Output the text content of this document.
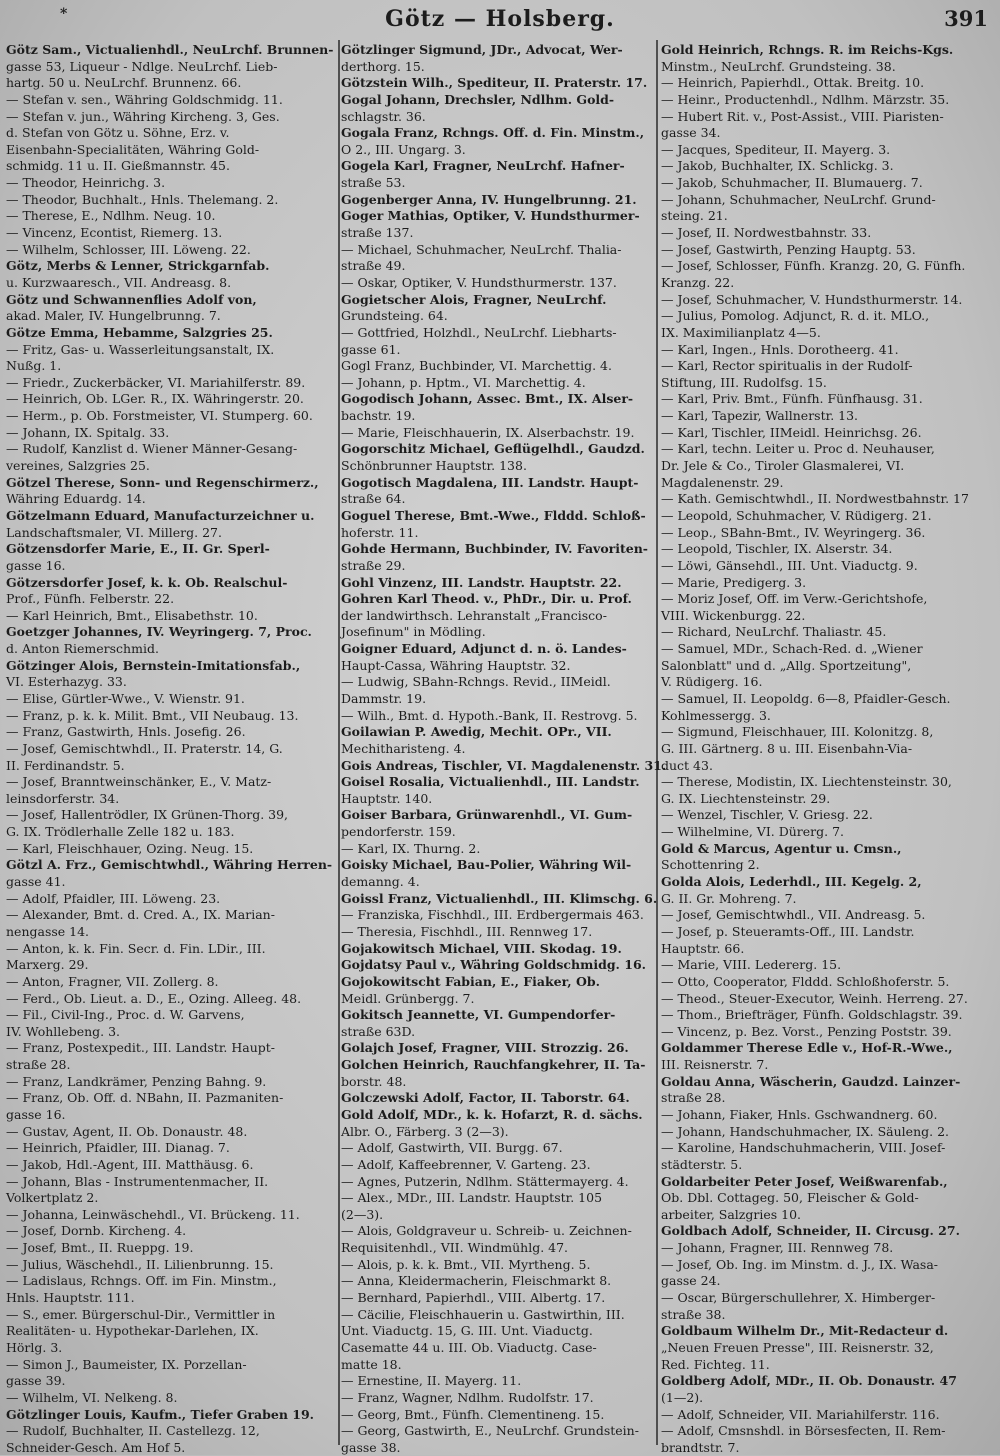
*	Götz — Holsberg.	391
Götz Sam., Victualienhdl., NeuLrchf. Brunnen-
gasse 53, Liqueur - Ndlge. NeuLrchf. Lieb-
hartg. 50 u. NeuLrchf. Brunnenz. 66.
— Stefan v. sen., Währing Goldschmidg. 11.
— Stefan v. jun., Währing Kircheng. 3, Ges.
d. Stefan von Götz u. Söhne, Erz. v.
Eisenbahn-Specialitäten, Währing Gold-
schmidg. 11 u. II. Gießmannstr. 45.
— Theodor, Heinrichg. 3.
— Theodor, Buchhalt., Hnls. Thelemang. 2.
— Therese, E., Ndlhm. Neug. 10.
— Vincenz, Econtist, Riemerg. 13.
— Wilhelm, Schlosser, III. Löweng. 22.
Götz, Merbs & Lenner, Strickgarnfab.
u. Kurzwaaresch., VII. Andreasg. 8.
Götz und Schwannenflies Adolf von,
akad. Maler, IV. Hungelbrunng. 7.
Götze Emma, Hebamme, Salzgries 25.
— Fritz, Gas- u. Wasserleitungsanstalt, IX.
Nußg. 1.
— Friedr., Zuckerbäcker, VI. Mariahilferstr. 89.
— Heinrich, Ob. LGer. R., IX. Währingerstr. 20.
— Herm., p. Ob. Forstmeister, VI. Stumperg. 60.
— Johann, IX. Spitalg. 33.
— Rudolf, Kanzlist d. Wiener Männer-Gesang-
vereines, Salzgries 25.
Götzel Therese, Sonn- und Regenschirmerz.,
Währing Eduardg. 14.
Götzelmann Eduard, Manufacturzeichner u.
Landschaftsmaler, VI. Millerg. 27.
Götzensdorfer Marie, E., II. Gr. Sperl-
gasse 16.
Götzersdorfer Josef, k. k. Ob. Realschul-
Prof., Fünfh. Felberstr. 22.
— Karl Heinrich, Bmt., Elisabethstr. 10.
Goetzger Johannes, IV. Weyringerg. 7, Proc.
d. Anton Riemerschmid.
Götzinger Alois, Bernstein-Imitationsfab.,
VI. Esterhazyg. 33.
— Elise, Gürtler-Wwe., V. Wienstr. 91.
— Franz, p. k. k. Milit. Bmt., VII Neubaug. 13.
— Franz, Gastwirth, Hnls. Josefig. 26.
— Josef, Gemischtwhdl., II. Praterstr. 14, G.
II. Ferdinandstr. 5.
— Josef, Branntweinschänker, E., V. Matz-
leinsdorferstr. 34.
— Josef, Hallentrödler, IX Grünen-Thorg. 39,
G. IX. Trödlerhalle Zelle 182 u. 183.
— Karl, Fleischhauer, Ozing. Neug. 15.
Götzl A. Frz., Gemischtwhdl., Währing Herren-
gasse 41.
— Adolf, Pfaidler, III. Löweng. 23.
— Alexander, Bmt. d. Cred. A., IX. Marian-
nengasse 14.
— Anton, k. k. Fin. Secr. d. Fin. LDir., III.
Marxerg. 29.
— Anton, Fragner, VII. Zollerg. 8.
— Ferd., Ob. Lieut. a. D., E., Ozing. Alleeg. 48.
— Fil., Civil-Ing., Proc. d. W. Garvens,
IV. Wohllebeng. 3.
— Franz, Postexpedit., III. Landstr. Haupt-
straße 28.
— Franz, Landkrämer, Penzing Bahng. 9.
— Franz, Ob. Off. d. NBahn, II. Pazmaniten-
gasse 16.
— Gustav, Agent, II. Ob. Donaustr. 48.
— Heinrich, Pfaidler, III. Dianag. 7.
— Jakob, Hdl.-Agent, III. Matthäusg. 6.
— Johann, Blas - Instrumentenmacher, II.
Volkertplatz 2.
— Johanna, Leinwäschehdl., VI. Brückeng. 11.
— Josef, Dornb. Kircheng. 4.
— Josef, Bmt., II. Rueppg. 19.
— Julius, Wäschehdl., II. Lilienbrunng. 15.
— Ladislaus, Rchngs. Off. im Fin. Minstm.,
Hnls. Hauptstr. 111.
— S., emer. Bürgerschul-Dir., Vermittler in
Realitäten- u. Hypothekar-Darlehen, IX.
Hörlg. 3.
— Simon J., Baumeister, IX. Porzellan-
gasse 39.
— Wilhelm, VI. Nelkeng. 8.
Götzlinger Louis, Kaufm., Tiefer Graben 19.
— Rudolf, Buchhalter, II. Castellezg. 12,
Schneider-Gesch. Am Hof 5.
Götzlinger Sigmund, JDr., Advocat, Wer-
derthorg. 15.
Götzstein Wilh., Spediteur, II. Praterstr. 17.
Gogal Johann, Drechsler, Ndlhm. Gold-
schlagstr. 36.
Gogala Franz, Rchngs. Off. d. Fin. Minstm.,
O 2., III. Ungarg. 3.
Gogela Karl, Fragner, NeuLrchf. Hafner-
straße 53.
Gogenberger Anna, IV. Hungelbrunng. 21.
Goger Mathias, Optiker, V. Hundsthurmer-
straße 137.
— Michael, Schuhmacher, NeuLrchf. Thalia-
straße 49.
— Oskar, Optiker, V. Hundsthurmerstr. 137.
Gogietscher Alois, Fragner, NeuLrchf.
Grundsteing. 64.
— Gottfried, Holzhdl., NeuLrchf. Liebharts-
gasse 61.
Gogl Franz, Buchbinder, VI. Marchettig. 4.
— Johann, p. Hptm., VI. Marchettig. 4.
Gogodisch Johann, Assec. Bmt., IX. Alser-
bachstr. 19.
— Marie, Fleischhauerin, IX. Alserbachstr. 19.
Gogorschitz Michael, Geflügelhdl., Gaudzd.
Schönbrunner Hauptstr. 138.
Gogotisch Magdalena, III. Landstr. Haupt-
straße 64.
Goguel Therese, Bmt.-Wwe., Flddd. Schloß-
hoferstr. 11.
Gohde Hermann, Buchbinder, IV. Favoriten-
straße 29.
Gohl Vinzenz, III. Landstr. Hauptstr. 22.
Gohren Karl Theod. v., PhDr., Dir. u. Prof.
der landwirthsch. Lehranstalt „Francisco-
Josefinum" in Mödling.
Goigner Eduard, Adjunct d. n. ö. Landes-
Haupt-Cassa, Währing Hauptstr. 32.
— Ludwig, SBahn-Rchngs. Revid., IIMeidl.
Dammstr. 19.
— Wilh., Bmt. d. Hypoth.-Bank, II. Restrovg. 5.
Goilawian P. Awedig, Mechit. OPr., VII.
Mechitharisteng. 4.
Gois Andreas, Tischler, VI. Magdalenenstr. 31.
Goisel Rosalia, Victualienhdl., III. Landstr.
Hauptstr. 140.
Goiser Barbara, Grünwarenhdl., VI. Gum-
pendorferstr. 159.
— Karl, IX. Thurng. 2.
Goisky Michael, Bau-Polier, Währing Wil-
demanng. 4.
Goissl Franz, Victualienhdl., III. Klimschg. 6.
— Franziska, Fischhdl., III. Erdbergermais 463.
— Theresia, Fischhdl., III. Rennweg 17.
Gojakowitsch Michael, VIII. Skodag. 19.
Gojdatsy Paul v., Währing Goldschmidg. 16.
Gojokowitscht Fabian, E., Fiaker, Ob.
Meidl. Grünbergg. 7.
Gokitsch Jeannette, VI. Gumpendorfer-
straße 63D.
Golajch Josef, Fragner, VIII. Strozzig. 26.
Golchen Heinrich, Rauchfangkehrer, II. Ta-
borstr. 48.
Golczewski Adolf, Factor, II. Taborstr. 64.
Gold Adolf, MDr., k. k. Hofarzt, R. d. sächs.
Albr. O., Färberg. 3 (2—3).
— Adolf, Gastwirth, VII. Burgg. 67.
— Adolf, Kaffeebrenner, V. Garteng. 23.
— Agnes, Putzerin, Ndlhm. Stättermayerg. 4.
— Alex., MDr., III. Landstr. Hauptstr. 105
(2—3).
— Alois, Goldgraveur u. Schreib- u. Zeichnen-
Requisitenhdl., VII. Windmühlg. 47.
— Alois, p. k. k. Bmt., VII. Myrtheng. 5.
— Anna, Kleidermacherin, Fleischmarkt 8.
— Bernhard, Papierhdl., VIII. Albertg. 17.
— Cäcilie, Fleischhauerin u. Gastwirthin, III.
Unt. Viaductg. 15, G. III. Unt. Viaductg.
Casematte 44 u. III. Ob. Viaductg. Case-
matte 18.
— Ernestine, II. Mayerg. 11.
— Franz, Wagner, Ndlhm. Rudolfstr. 17.
— Georg, Bmt., Fünfh. Clementineng. 15.
— Georg, Gastwirth, E., NeuLrchf. Grundstein-
gasse 38.
Gold Heinrich, Rchngs. R. im Reichs-Kgs.
Minstm., NeuLrchf. Grundsteing. 38.
— Heinrich, Papierhdl., Ottak. Breitg. 10.
— Heinr., Productenhdl., Ndlhm. Märzstr. 35.
— Hubert Rit. v., Post-Assist., VIII. Piaristen-
gasse 34.
— Jacques, Spediteur, II. Mayerg. 3.
— Jakob, Buchhalter, IX. Schlickg. 3.
— Jakob, Schuhmacher, II. Blumauerg. 7.
— Johann, Schuhmacher, NeuLrchf. Grund-
steing. 21.
— Josef, II. Nordwestbahnstr. 33.
— Josef, Gastwirth, Penzing Hauptg. 53.
— Josef, Schlosser, Fünfh. Kranzg. 20, G. Fünfh.
Kranzg. 22.
— Josef, Schuhmacher, V. Hundsthurmerstr. 14.
— Julius, Pomolog. Adjunct, R. d. it. MLO.,
IX. Maximilianplatz 4—5.
— Karl, Ingen., Hnls. Dorotheerg. 41.
— Karl, Rector spiritualis in der Rudolf-
Stiftung, III. Rudolfsg. 15.
— Karl, Priv. Bmt., Fünfh. Fünfhausg. 31.
— Karl, Tapezir, Wallnerstr. 13.
— Karl, Tischler, IIMeidl. Heinrichsg. 26.
— Karl, techn. Leiter u. Proc d. Neuhauser,
Dr. Jele & Co., Tiroler Glasmalerei, VI.
Magdalenenstr. 29.
— Kath. Gemischtwhdl., II. Nordwestbahnstr. 17
— Leopold, Schuhmacher, V. Rüdigerg. 21.
— Leop., SBahn-Bmt., IV. Weyringerg. 36.
— Leopold, Tischler, IX. Alserstr. 34.
— Löwi, Gänsehdl., III. Unt. Viaductg. 9.
— Marie, Predigerg. 3.
— Moriz Josef, Off. im Verw.-Gerichtshofe,
VIII. Wickenburgg. 22.
— Richard, NeuLrchf. Thaliastr. 45.
— Samuel, MDr., Schach-Red. d. „Wiener
Salonblatt" und d. „Allg. Sportzeitung",
V. Rüdigerg. 16.
— Samuel, II. Leopoldg. 6—8, Pfaidler-Gesch.
Kohlmessergg. 3.
— Sigmund, Fleischhauer, III. Kolonitzg. 8,
G. III. Gärtnerg. 8 u. III. Eisenbahn-Via-
duct 43.
— Therese, Modistin, IX. Liechtensteinstr. 30,
G. IX. Liechtensteinstr. 29.
— Wenzel, Tischler, V. Griesg. 22.
— Wilhelmine, VI. Dürerg. 7.
Gold & Marcus, Agentur u. Cmsn.,
Schottenring 2.
Golda Alois, Lederhdl., III. Kegelg. 2,
G. II. Gr. Mohreng. 7.
— Josef, Gemischtwhdl., VII. Andreasg. 5.
— Josef, p. Steueramts-Off., III. Landstr.
Hauptstr. 66.
— Marie, VIII. Ledererg. 15.
— Otto, Cooperator, Flddd. Schloßhoferstr. 5.
— Theod., Steuer-Executor, Weinh. Herreng. 27.
— Thom., Briefträger, Fünfh. Goldschlagstr. 39.
— Vincenz, p. Bez. Vorst., Penzing Poststr. 39.
Goldammer Therese Edle v., Hof-R.-Wwe.,
III. Reisnerstr. 7.
Goldau Anna, Wäscherin, Gaudzd. Lainzer-
straße 28.
— Johann, Fiaker, Hnls. Gschwandnerg. 60.
— Johann, Handschuhmacher, IX. Säuleng. 2.
— Karoline, Handschuhmacherin, VIII. Josef-
städterstr. 5.
Goldarbeiter Peter Josef, Weißwarenfab.,
Ob. Dbl. Cottageg. 50, Fleischer & Gold-
arbeiter, Salzgries 10.
Goldbach Adolf, Schneider, II. Circusg. 27.
— Johann, Fragner, III. Rennweg 78.
— Josef, Ob. Ing. im Minstm. d. J., IX. Wasa-
gasse 24.
— Oscar, Bürgerschullehrer, X. Himberger-
straße 38.
Goldbaum Wilhelm Dr., Mit-Redacteur d.
„Neuen Freuen Presse", III. Reisnerstr. 32,
Red. Fichteg. 11.
Goldberg Adolf, MDr., II. Ob. Donaustr. 47
(1—2).
— Adolf, Schneider, VII. Mariahilferstr. 116.
— Adolf, Cmsnshdl. in Börsesfecten, II. Rem-
brandtstr. 7.
